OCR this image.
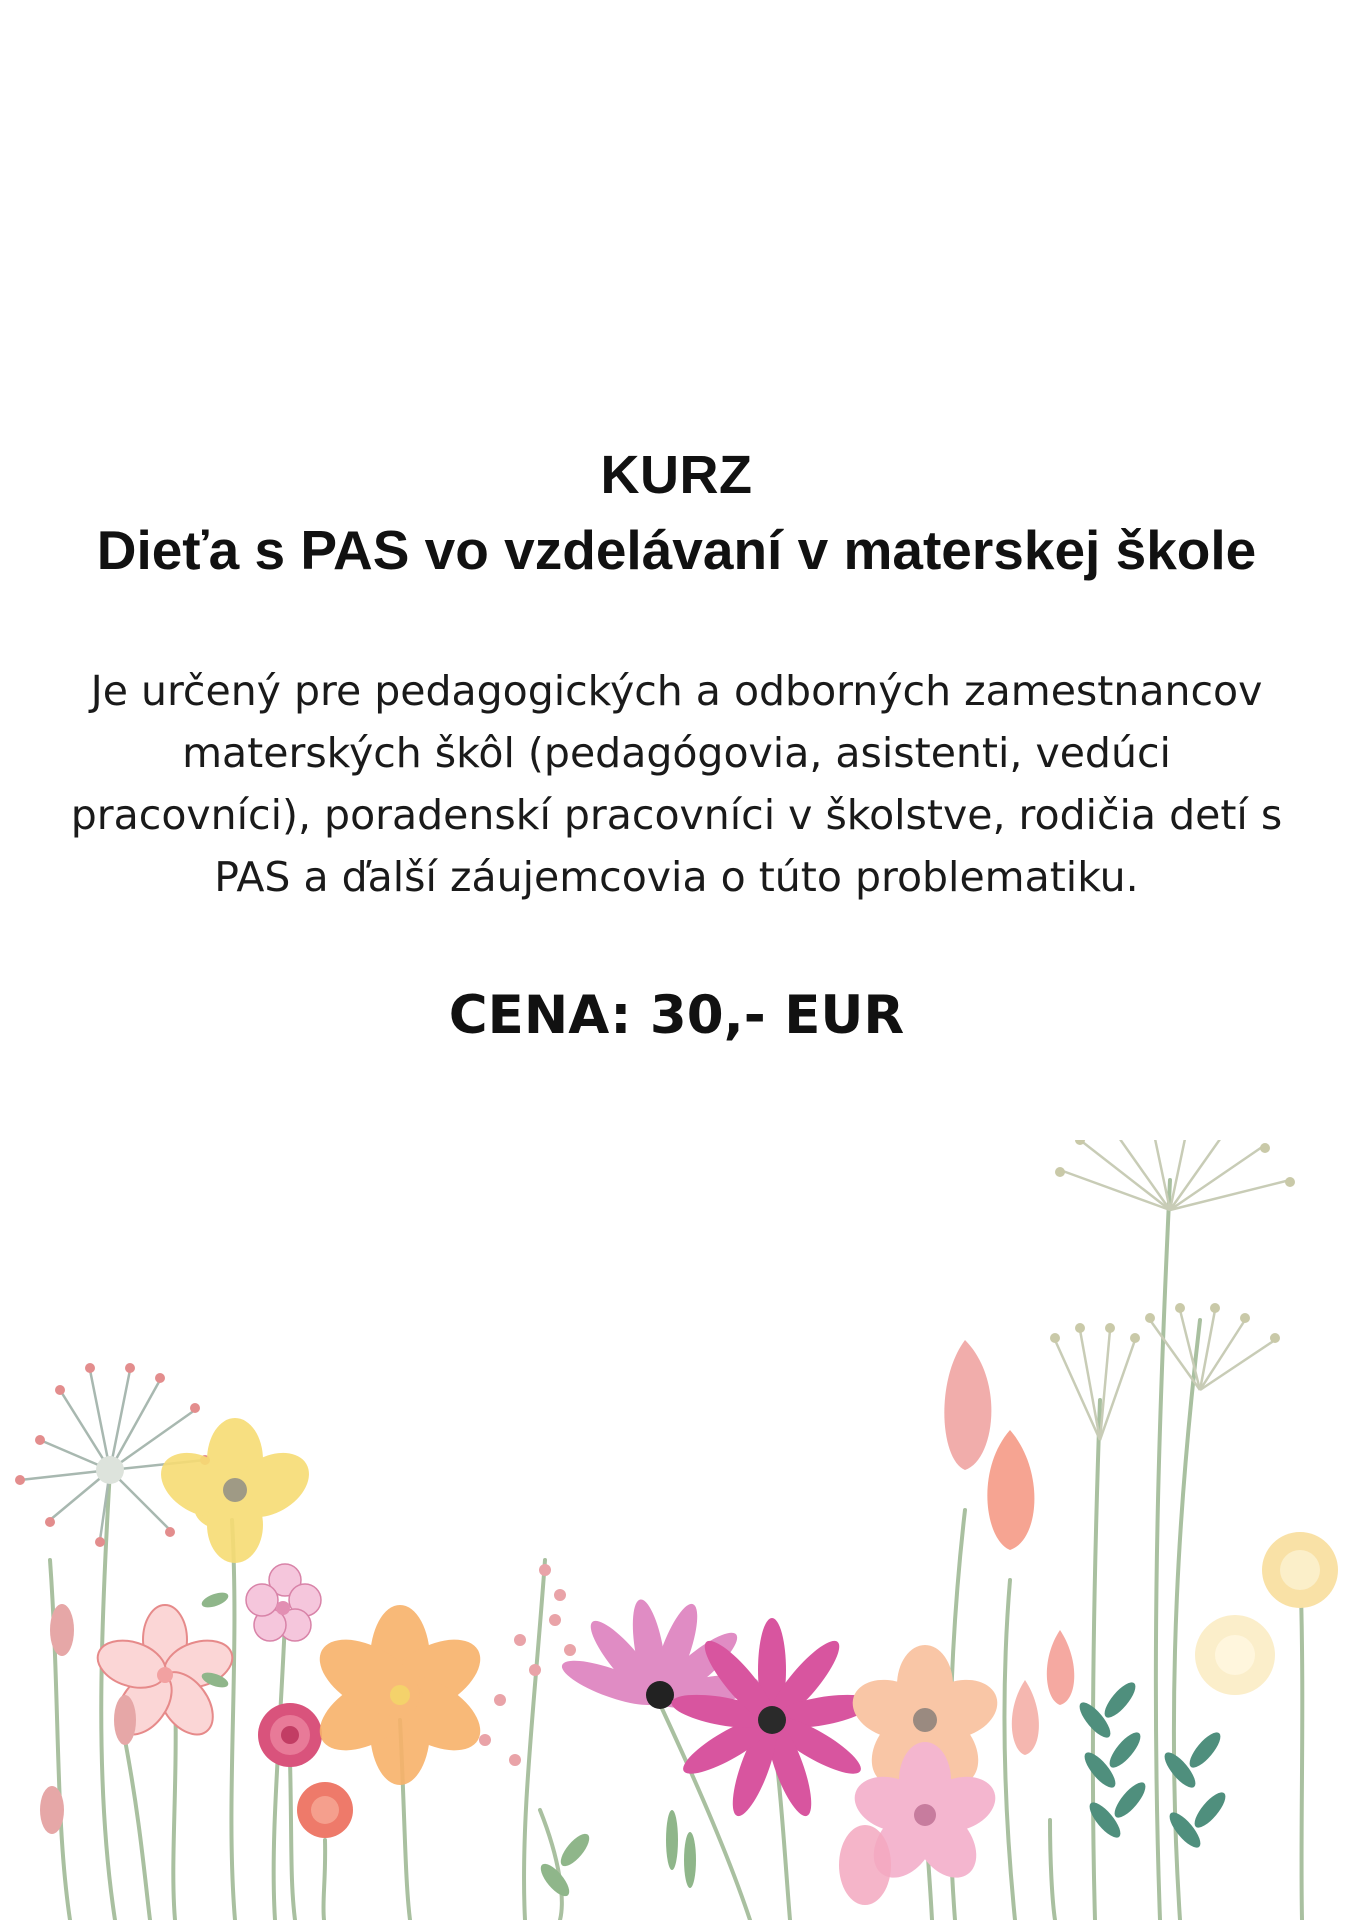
KURZ
Dieťa s PAS vo vzdelávaní v materskej škole
Je určený pre pedagogických a odborných zamestnancov
materských škôl (pedagógovia, asistenti, vedúci
pracovníci), poradenskí pracovníci v školstve, rodičia detí s
PAS a ďalší záujemcovia o túto problematiku.
CENA: 30,- EUR
